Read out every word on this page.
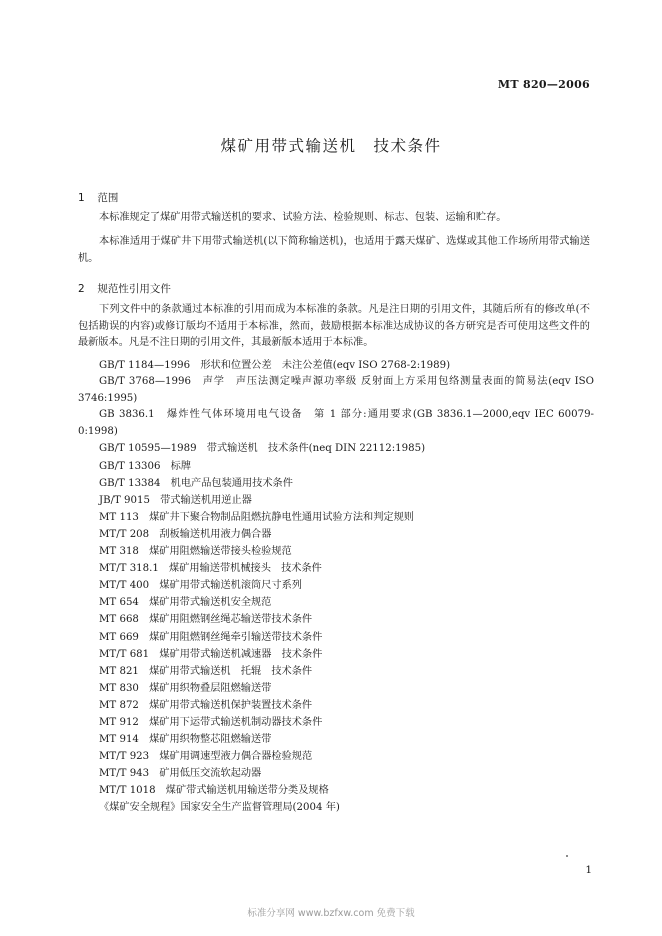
MT 820—2006
煤矿用带式输送机　技术条件
1 范围

本标准规定了煤矿用带式输送机的要求、试验方法、检验规则、标志、包装、运输和贮存。

本标准适用于煤矿井下用带式输送机(以下简称输送机)，也适用于露天煤矿、选煤或其他工作场所用带式输送机。

2 规范性引用文件

下列文件中的条款通过本标准的引用而成为本标准的条款。凡是注日期的引用文件，其随后所有的修改单(不包括勘误的内容)或修订版均不适用于本标准，然而，鼓励根据本标准达成协议的各方研究是否可使用这些文件的最新版本。凡是不注日期的引用文件，其最新版本适用于本标准。

GB/T 1184—1996　形状和位置公差　未注公差值(eqv ISO 2768-2:1989)
GB/T 3768—1996　声学　声压法测定噪声源功率级 反射面上方采用包络测量表面的简易法(eqv ISO 3746:1995)
GB 3836.1　爆炸性气体环境用电气设备　第 1 部分:通用要求(GB 3836.1—2000,eqv IEC 60079-0:1998)
GB/T 10595—1989　带式输送机　技术条件(neq DIN 22112:1985)
GB/T 13306　标牌
GB/T 13384　机电产品包装通用技术条件
JB/T 9015　带式输送机用逆止器
MT 113　煤矿井下聚合物制品阻燃抗静电性通用试验方法和判定规则
MT/T 208　刮板输送机用液力偶合器
MT 318　煤矿用阻燃输送带接头检验规范
MT/T 318.1　煤矿用输送带机械接头　技术条件
MT/T 400　煤矿用带式输送机滚筒尺寸系列
MT 654　煤矿用带式输送机安全规范
MT 668　煤矿用阻燃钢丝绳芯输送带技术条件
MT 669　煤矿用阻燃钢丝绳牵引输送带技术条件
MT/T 681　煤矿用带式输送机减速器　技术条件
MT 821　煤矿用带式输送机　托辊　技术条件
MT 830　煤矿用织物叠层阻燃输送带
MT 872　煤矿用带式输送机保护装置技术条件
MT 912　煤矿用下运带式输送机制动器技术条件
MT 914　煤矿用织物整芯阻燃输送带
MT/T 923　煤矿用调速型液力偶合器检验规范
MT/T 943　矿用低压交流软起动器
MT/T 1018　煤矿带式输送机用输送带分类及规格
《煤矿安全规程》国家安全生产监督管理局(2004 年)
1
标准分享网 www.bzfxw.com 免费下载
